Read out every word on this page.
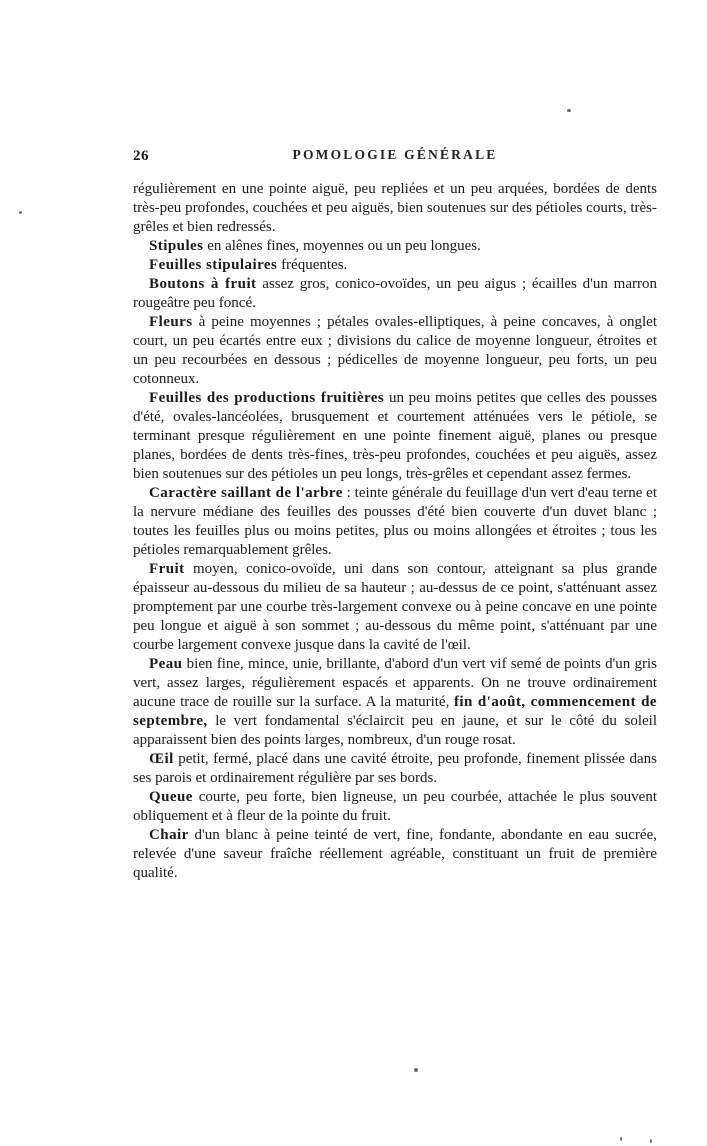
26	POMOLOGIE GÉNÉRALE

régulièrement en une pointe aiguë, peu repliées et un peu arquées, bordées de dents très-peu profondes, couchées et peu aiguës, bien soutenues sur des pétioles courts, très-grêles et bien redressés.

Stipules en alênes fines, moyennes ou un peu longues.

Feuilles stipulaires fréquentes.

Boutons à fruit assez gros, conico-ovoïdes, un peu aigus ; écailles d'un marron rougeâtre peu foncé.

Fleurs à peine moyennes ; pétales ovales-elliptiques, à peine concaves, à onglet court, un peu écartés entre eux ; divisions du calice de moyenne longueur, étroites et un peu recourbées en dessous ; pédicelles de moyenne longueur, peu forts, un peu cotonneux.

Feuilles des productions fruitières un peu moins petites que celles des pousses d'été, ovales-lancéolées, brusquement et courtement atténuées vers le pétiole, se terminant presque régulièrement en une pointe finement aiguë, planes ou presque planes, bordées de dents très-fines, très-peu profondes, couchées et peu aiguës, assez bien soutenues sur des pétioles un peu longs, très-grêles et cependant assez fermes.

Caractère saillant de l'arbre : teinte générale du feuillage d'un vert d'eau terne et la nervure médiane des feuilles des pousses d'été bien couverte d'un duvet blanc ; toutes les feuilles plus ou moins petites, plus ou moins allongées et étroites ; tous les pétioles remarquablement grêles.

Fruit moyen, conico-ovoïde, uni dans son contour, atteignant sa plus grande épaisseur au-dessous du milieu de sa hauteur ; au-dessus de ce point, s'atténuant assez promptement par une courbe très-largement convexe ou à peine concave en une pointe peu longue et aiguë à son sommet ; au-dessous du même point, s'atténuant par une courbe largement convexe jusque dans la cavité de l'œil.

Peau bien fine, mince, unie, brillante, d'abord d'un vert vif semé de points d'un gris vert, assez larges, régulièrement espacés et apparents. On ne trouve ordinairement aucune trace de rouille sur la surface. A la maturité, fin d'août, commencement de septembre, le vert fondamental s'éclaircit peu en jaune, et sur le côté du soleil apparaissent bien des points larges, nombreux, d'un rouge rosat.

Œil petit, fermé, placé dans une cavité étroite, peu profonde, finement plissée dans ses parois et ordinairement régulière par ses bords.

Queue courte, peu forte, bien ligneuse, un peu courbée, attachée le plus souvent obliquement et à fleur de la pointe du fruit.

Chair d'un blanc à peine teinté de vert, fine, fondante, abondante en eau sucrée, relevée d'une saveur fraîche réellement agréable, constituant un fruit de première qualité.
